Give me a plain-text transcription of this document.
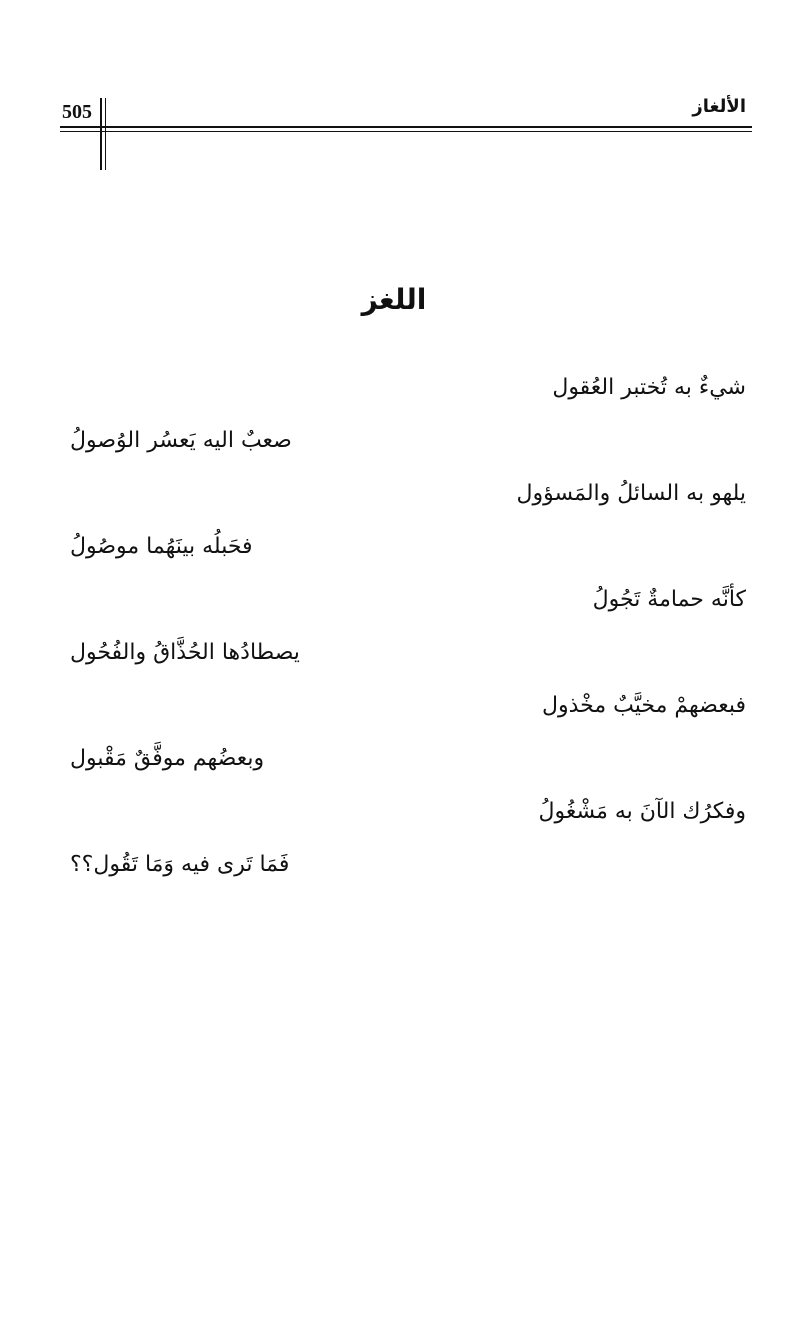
505	الألغاز
اللغز
شيءٌ به تُختبر العُقول
صعبٌ اليه يَعسُر الوُصولُ
يلهو به السائلُ والمَسؤول
فحَبلُه بينَهُما موصُولُ
كأنَّه حمامةٌ تَجُولُ
يصطادُها الحُذَّاقُ والفُحُول
فبعضهمْ مخيَّبٌ مخْذول
وبعضُهم موفَّقٌ مَقْبول
وفكرُك الآنَ به مَشْغُولُ
فَمَا تَرى فيه وَمَا تَقُول؟؟
